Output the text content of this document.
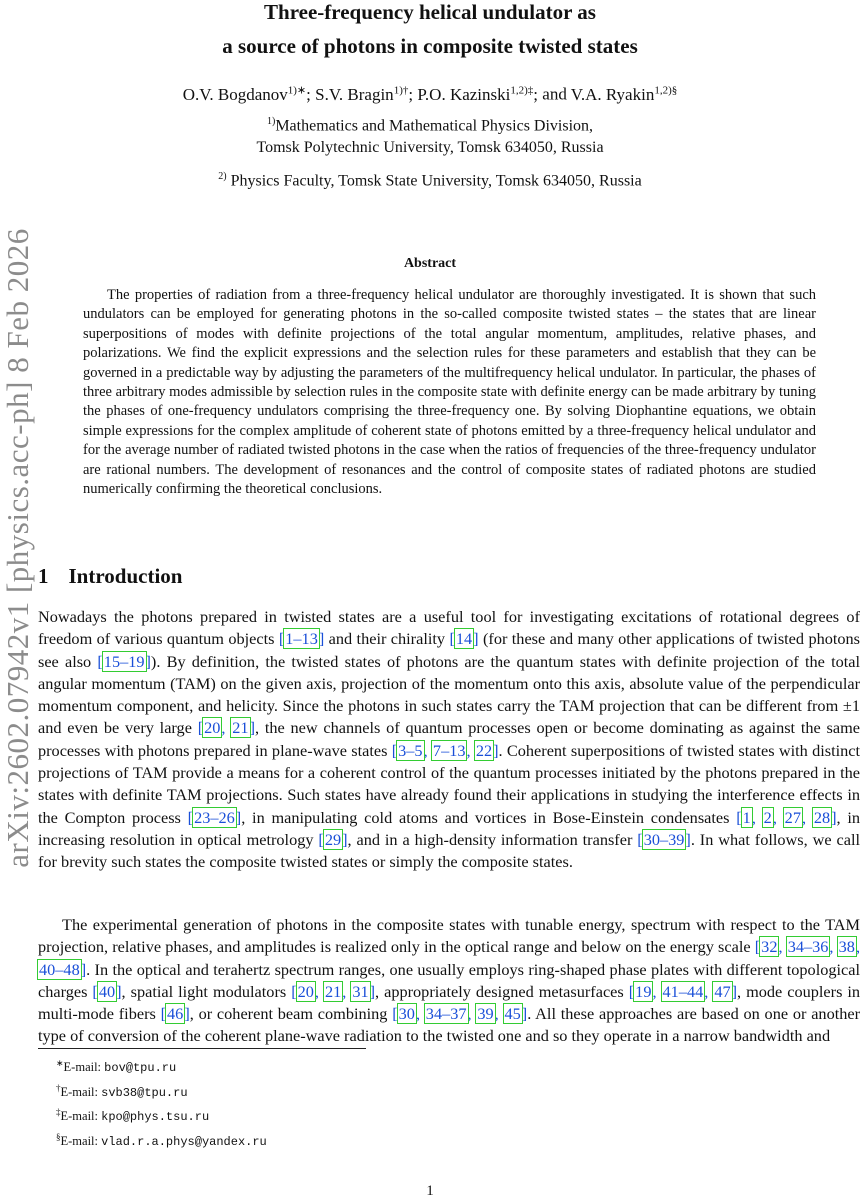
arXiv:2602.07942v1 [physics.acc-ph] 8 Feb 2026
Three-frequency helical undulator as
a source of photons in composite twisted states
O.V. Bogdanov$^{1)∗}$; S.V. Bragin$^{1)\dagger}$; P.O. Kazinski$^{1,2)\ddagger}$; and V.A. Ryakin$^{1,2)\S}$
$^{1)}$Mathematics and Mathematical Physics Division,
Tomsk Polytechnic University, Tomsk 634050, Russia
$^{2)}$ Physics Faculty, Tomsk State University, Tomsk 634050, Russia
Abstract

The properties of radiation from a three-frequency helical undulator are thoroughly investigated. It is shown that such undulators can be employed for generating photons in the so-called composite twisted states – the states that are linear superpositions of modes with definite projections of the total angular momentum, amplitudes, relative phases, and polarizations. We find the explicit expressions and the selection rules for these parameters and establish that they can be governed in a predictable way by adjusting the parameters of the multifrequency helical undulator. In particular, the phases of three arbitrary modes admissible by selection rules in the composite state with definite energy can be made arbitrary by tuning the phases of one-frequency undulators comprising the three-frequency one. By solving Diophantine equations, we obtain simple expressions for the complex amplitude of coherent state of photons emitted by a three-frequency helical undulator and for the average number of radiated twisted photons in the case when the ratios of frequencies of the three-frequency undulator are rational numbers. The development of resonances and the control of composite states of radiated photons are studied numerically confirming the theoretical conclusions.

1 Introduction

Nowadays the photons prepared in twisted states are a useful tool for investigating excitations of rotational degrees of freedom of various quantum objects [1–13] and their chirality [14] (for these and many other applications of twisted photons see also [15–19]). By definition, the twisted states of photons are the quantum states with definite projection of the total angular momentum (TAM) on the given axis, projection of the momentum onto this axis, absolute value of the perpendicular momentum component, and helicity. Since the photons in such states carry the TAM projection that can be different from ±1 and even be very large [20, 21], the new channels of quantum processes open or become dominating as against the same processes with photons prepared in plane-wave states [3–5, 7–13, 22]. Coherent superpositions of twisted states with distinct projections of TAM provide a means for a coherent control of the quantum processes initiated by the photons prepared in the states with definite TAM projections. Such states have already found their applications in studying the interference effects in the Compton process [23–26], in manipulating cold atoms and vortices in Bose-Einstein condensates [1, 2, 27, 28], in increasing resolution in optical metrology [29], and in a high-density information transfer [30–39]. In what follows, we call for brevity such states the composite twisted states or simply the composite states.

The experimental generation of photons in the composite states with tunable energy, spectrum with respect to the TAM projection, relative phases, and amplitudes is realized only in the optical range and below on the energy scale [32, 34–36, 38, 40–48]. In the optical and terahertz spectrum ranges, one usually employs ring-shaped phase plates with different topological charges [40], spatial light modulators [20, 21, 31], appropriately designed metasurfaces [19, 41–44, 47], mode couplers in multi-mode fibers [46], or coherent beam combining [30, 34–37, 39, 45]. All these approaches are based on one or another type of conversion of the coherent plane-wave radiation to the twisted one and so they operate in a narrow bandwidth and

∗E-mail: bov@tpu.ru
†E-mail: svb38@tpu.ru
‡E-mail: kpo@phys.tsu.ru
§E-mail: vlad.r.a.phys@yandex.ru
1
